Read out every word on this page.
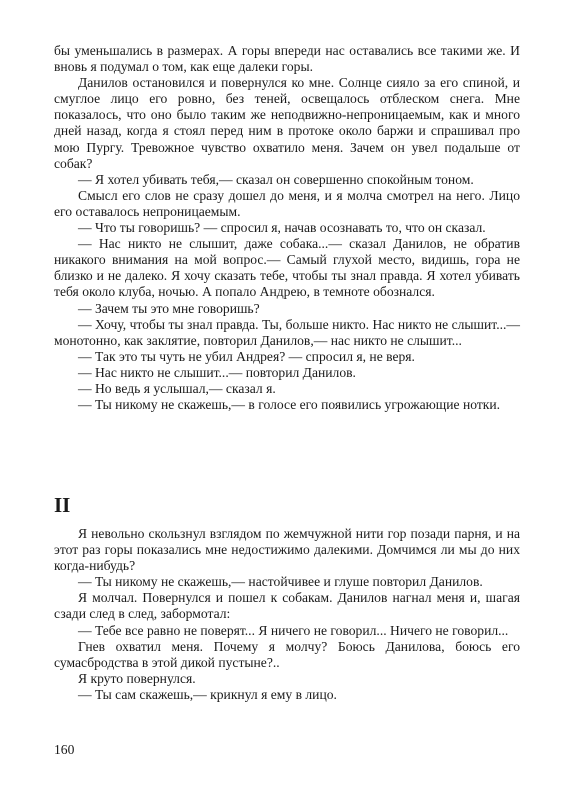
бы уменьшались в размерах. А горы впереди нас оставались все такими же. И вновь я подумал о том, как еще далеки горы.

Данилов остановился и повернулся ко мне. Солнце сияло за его спиной, и смуглое лицо его ровно, без теней, освещалось отблеском снега. Мне показалось, что оно было таким же неподвижно-непроницаемым, как и много дней назад, когда я стоял перед ним в протоке около баржи и спрашивал про мою Пургу. Тревожное чувство охватило меня. Зачем он увел подальше от собак?

— Я хотел убивать тебя,— сказал он совершенно спокойным тоном.

Смысл его слов не сразу дошел до меня, и я молча смотрел на него. Лицо его оставалось непроницаемым.

— Что ты говоришь? — спросил я, начав осознавать то, что он сказал.

— Нас никто не слышит, даже собака...— сказал Данилов, не обратив никакого внимания на мой вопрос.— Самый глухой место, видишь, гора не близко и не далеко. Я хочу сказать тебе, чтобы ты знал правда. Я хотел убивать тебя около клуба, ночью. А попало Андрею, в темноте обознался.

— Зачем ты это мне говоришь?

— Хочу, чтобы ты знал правда. Ты, больше никто. Нас никто не слышит...— монотонно, как заклятие, повторил Данилов,— нас никто не слышит...

— Так это ты чуть не убил Андрея? — спросил я, не веря.

— Нас никто не слышит...— повторил Данилов.

— Но ведь я услышал,— сказал я.

— Ты никому не скажешь,— в голосе его появились угрожающие нотки.

II

Я невольно скользнул взглядом по жемчужной нити гор позади парня, и на этот раз горы показались мне недостижимо далекими. Домчимся ли мы до них когда-нибудь?

— Ты никому не скажешь,— настойчивее и глуше повторил Данилов.

Я молчал. Повернулся и пошел к собакам. Данилов нагнал меня и, шагая сзади след в след, забормотал:

— Тебе все равно не поверят... Я ничего не говорил... Ничего не говорил...

Гнев охватил меня. Почему я молчу? Боюсь Данилова, боюсь его сумасбродства в этой дикой пустыне?..

Я круто повернулся.

— Ты сам скажешь,— крикнул я ему в лицо.

160
